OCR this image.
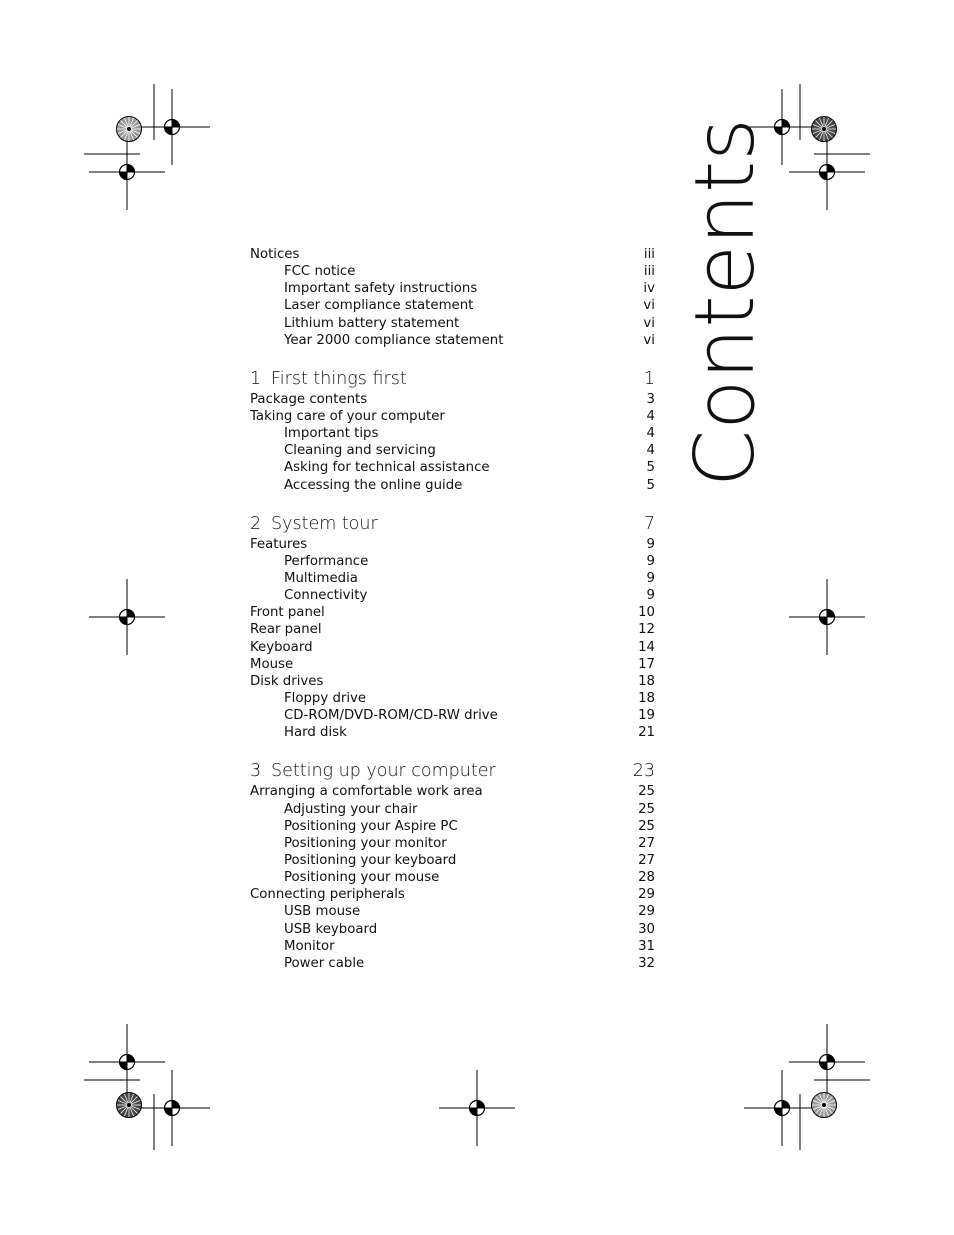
Contents
Notices	iii
FCC notice	iii
Important safety instructions	iv
Laser compliance statement	vi
Lithium battery statement	vi
Year 2000 compliance statement	vi
1 First things first	1
Package contents	3
Taking care of your computer	4
Important tips	4
Cleaning and servicing	4
Asking for technical assistance	5
Accessing the online guide	5
2 System tour	7
Features	9
Performance	9
Multimedia	9
Connectivity	9
Front panel	10
Rear panel	12
Keyboard	14
Mouse	17
Disk drives	18
Floppy drive	18
CD-ROM/DVD-ROM/CD-RW drive	19
Hard disk	21
3 Setting up your computer	23
Arranging a comfortable work area	25
Adjusting your chair	25
Positioning your Aspire PC	25
Positioning your monitor	27
Positioning your keyboard	27
Positioning your mouse	28
Connecting peripherals	29
USB mouse	29
USB keyboard	30
Monitor	31
Power cable	32
